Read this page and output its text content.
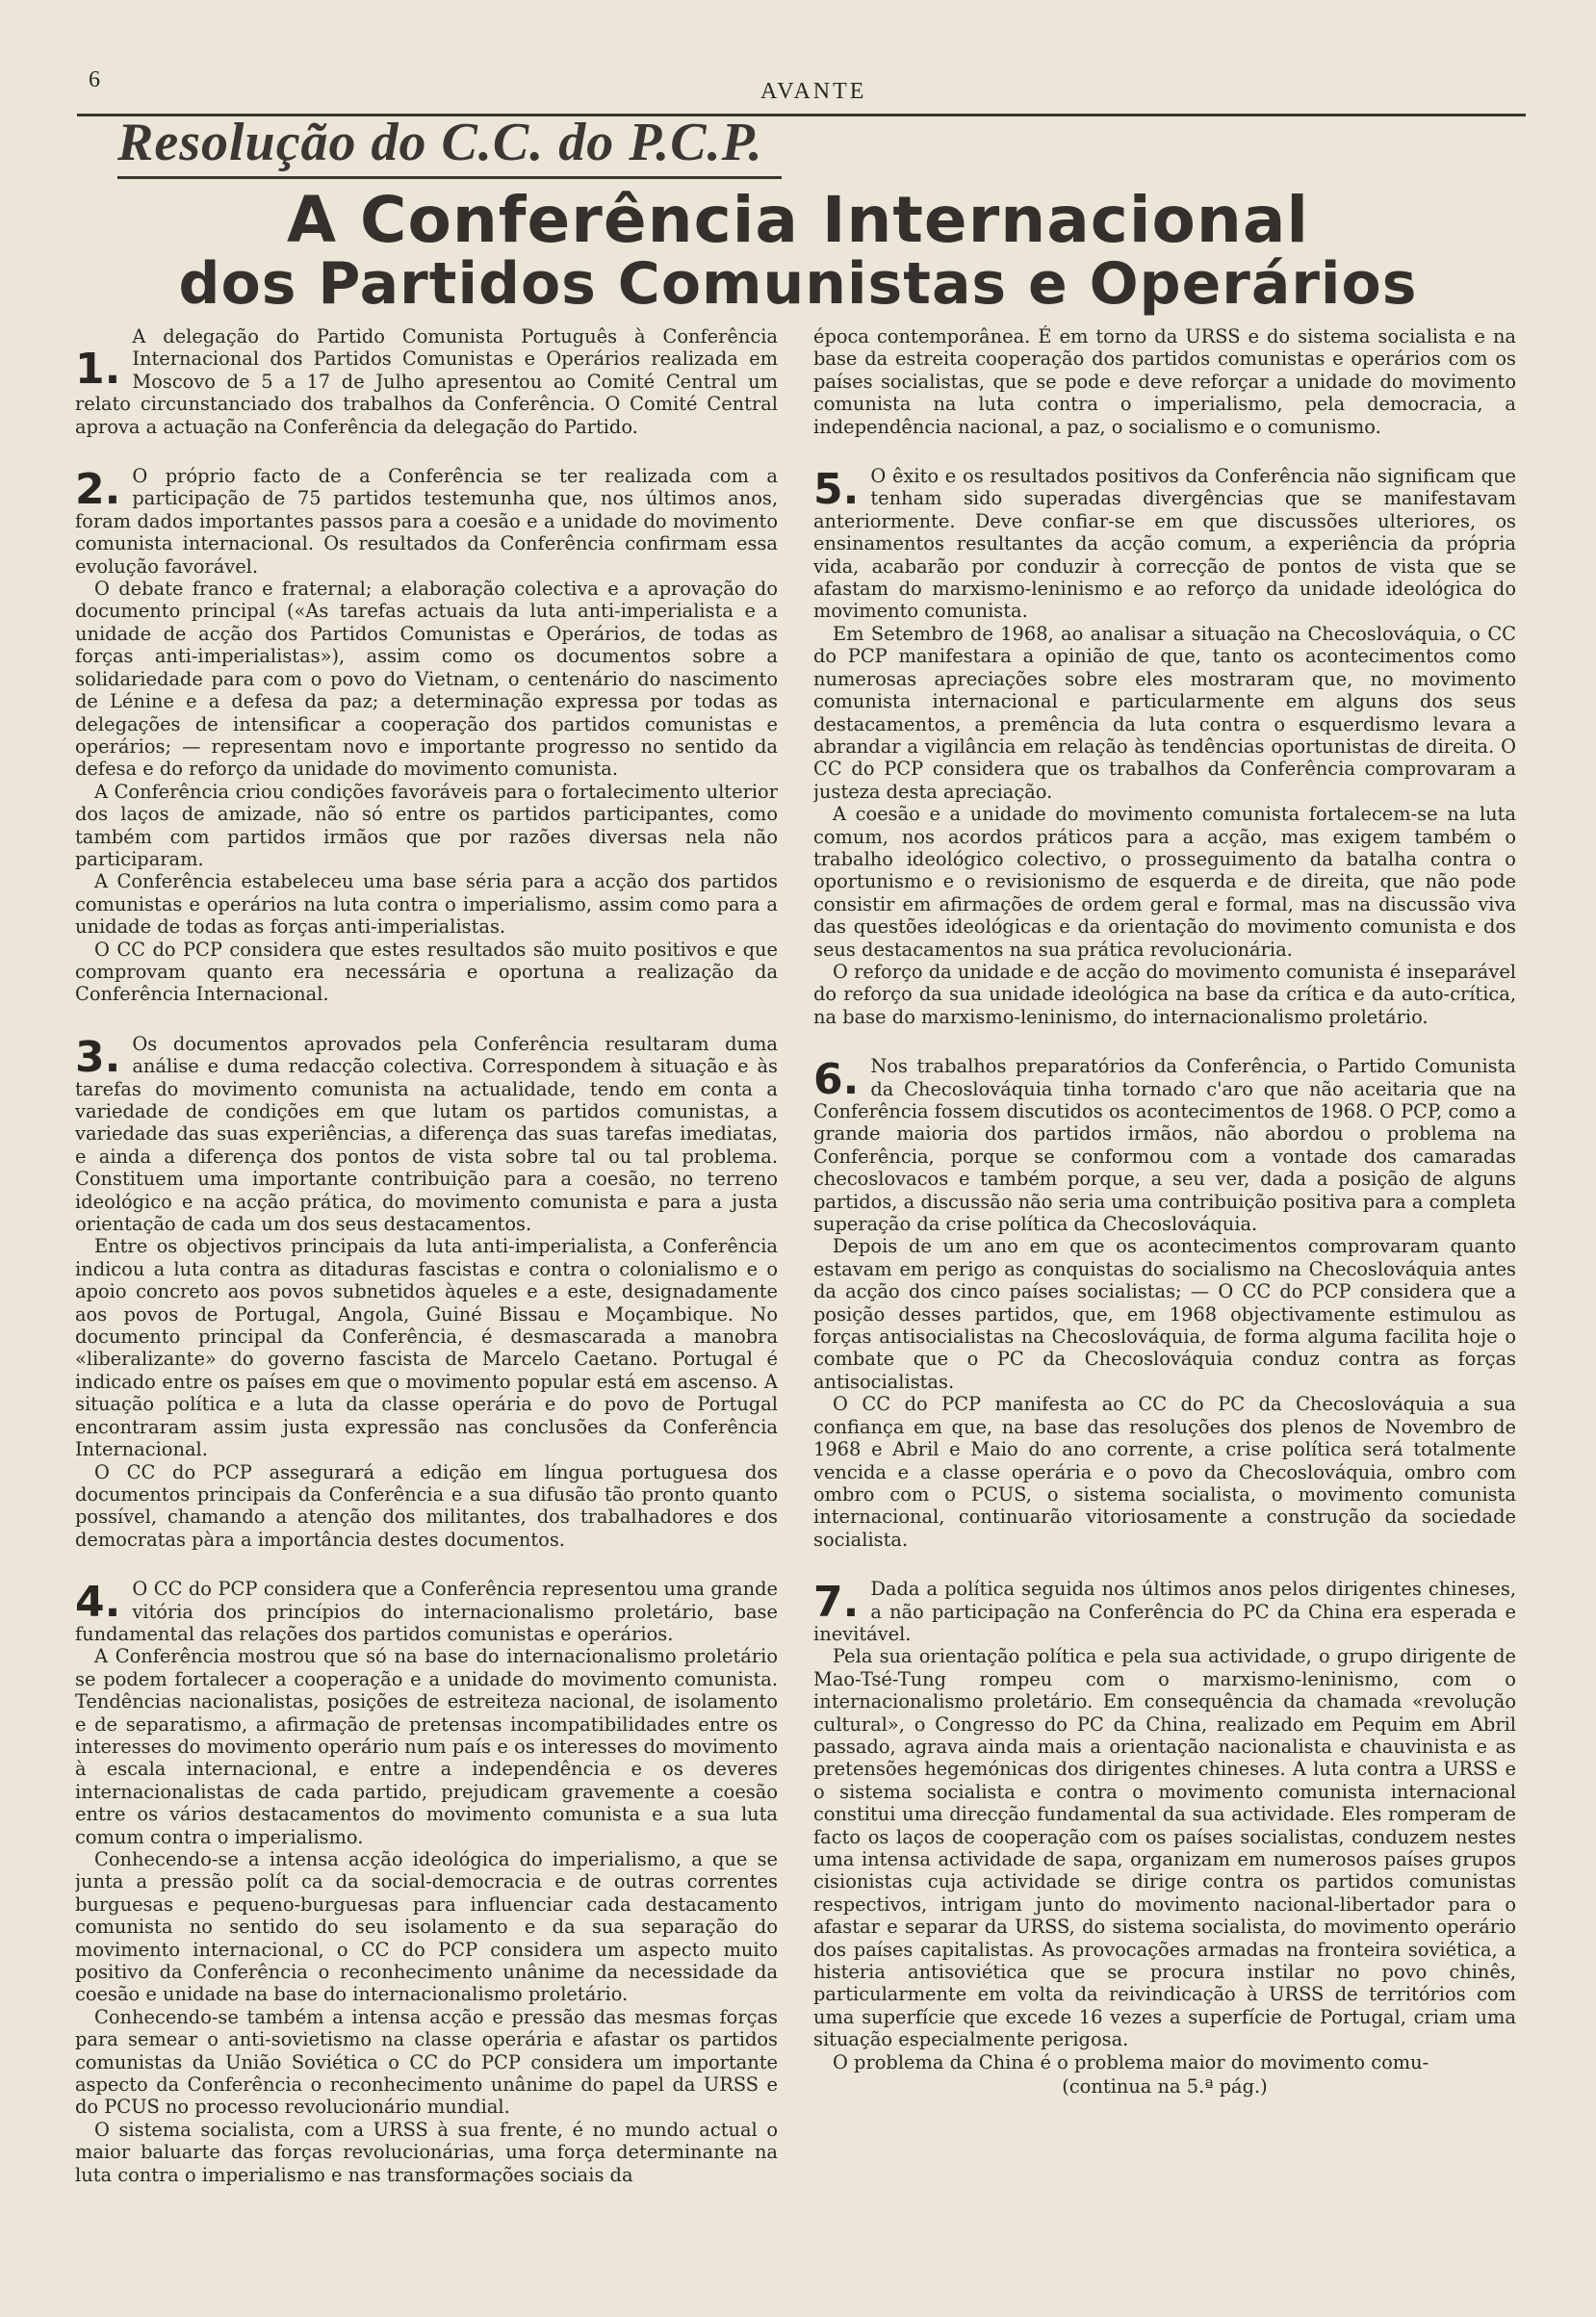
6	AVANTE
Resolução do C.C. do P.C.P.
A Conferência Internacional
dos Partidos Comunistas e Operários
1.

A delegação do Partido Comunista Português à Conferência Internacional dos Partidos Comunistas e Operários realizada em Moscovo de 5 a 17 de Julho apresentou ao Comité Central um relato circunstanciado dos trabalhos da Conferência. O Comité Central aprova a actuação na Conferência da delegação do Partido.

2. O próprio facto de a Conferência se ter realizada com a participação de 75 partidos testemunha que, nos últimos anos, foram dados importantes passos para a coesão e a unidade do movimento comunista internacional. Os resultados da Conferência confirmam essa evolução favorável.

O debate franco e fraternal; a elaboração colectiva e a aprovação do documento principal («As tarefas actuais da luta anti-imperialista e a unidade de acção dos Partidos Comunistas e Operários, de todas as forças anti-imperialistas»), assim como os documentos sobre a solidariedade para com o povo do Vietnam, o centenário do nascimento de Lénine e a defesa da paz; a determinação expressa por todas as delegações de intensificar a cooperação dos partidos comunistas e operários; — representam novo e importante progresso no sentido da defesa e do reforço da unidade do movimento comunista.

A Conferência criou condições favoráveis para o fortalecimento ulterior dos laços de amizade, não só entre os partidos participantes, como também com partidos irmãos que por razões diversas nela não participaram.

A Conferência estabeleceu uma base séria para a acção dos partidos comunistas e operários na luta contra o imperialismo, assim como para a unidade de todas as forças anti-imperialistas.

O CC do PCP considera que estes resultados são muito positivos e que comprovam quanto era necessária e oportuna a realização da Conferência Internacional.

3. Os documentos aprovados pela Conferência resultaram duma análise e duma redacção colectiva. Correspondem à situação e às tarefas do movimento comunista na actualidade, tendo em conta a variedade de condições em que lutam os partidos comunistas, a variedade das suas experiências, a diferença das suas tarefas imediatas, e ainda a diferença dos pontos de vista sobre tal ou tal problema. Constituem uma importante contribuição para a coesão, no terreno ideológico e na acção prática, do movimento comunista e para a justa orientação de cada um dos seus destacamentos.

Entre os objectivos principais da luta anti-imperialista, a Conferência indicou a luta contra as ditaduras fascistas e contra o colonialismo e o apoio concreto aos povos subnetidos àqueles e a este, designadamente aos povos de Portugal, Angola, Guiné Bissau e Moçambique. No documento principal da Conferência, é desmascarada a manobra «liberalizante» do governo fascista de Marcelo Caetano. Portugal é indicado entre os países em que o movimento popular está em ascenso. A situação política e a luta da classe operária e do povo de Portugal encontraram assim justa expressão nas conclusões da Conferência Internacional.

O CC do PCP assegurará a edição em língua portuguesa dos documentos principais da Conferência e a sua difusão tão pronto quanto possível, chamando a atenção dos militantes, dos trabalhadores e dos democratas pàra a importância destes documentos.

4. O CC do PCP considera que a Conferência representou uma grande vitória dos princípios do internacionalismo proletário, base fundamental das relações dos partidos comunistas e operários.

A Conferência mostrou que só na base do internacionalismo proletário se podem fortalecer a cooperação e a unidade do movimento comunista. Tendências nacionalistas, posições de estreiteza nacional, de isolamento e de separatismo, a afirmação de pretensas incompatibilidades entre os interesses do movimento operário num país e os interesses do movimento à escala internacional, e entre a independência e os deveres internacionalistas de cada partido, prejudicam gravemente a coesão entre os vários destacamentos do movimento comunista e a sua luta comum contra o imperialismo.

Conhecendo-se a intensa acção ideológica do imperialismo, a que se junta a pressão polít ca da social-democracia e de outras correntes burguesas e pequeno-burguesas para influenciar cada destacamento comunista no sentido do seu isolamento e da sua separação do movimento internacional, o CC do PCP considera um aspecto muito positivo da Conferência o reconhecimento unânime da necessidade da coesão e unidade na base do internacionalismo proletário.

Conhecendo-se também a intensa acção e pressão das mesmas forças para semear o anti-sovietismo na classe operária e afastar os partidos comunistas da União Soviética o CC do PCP considera um importante aspecto da Conferência o reconhecimento unânime do papel da URSS e do PCUS no processo revolucionário mundial.

O sistema socialista, com a URSS à sua frente, é no mundo actual o maior baluarte das forças revolucionárias, uma força determinante na luta contra o imperialismo e nas transformações sociais da

época contemporânea. É em torno da URSS e do sistema socialista e na base da estreita cooperação dos partidos comunistas e operários com os países socialistas, que se pode e deve reforçar a unidade do movimento comunista na luta contra o imperialismo, pela democracia, a independência nacional, a paz, o socialismo e o comunismo.

5. O êxito e os resultados positivos da Conferência não significam que tenham sido superadas divergências que se manifestavam anteriormente. Deve confiar-se em que discussões ulteriores, os ensinamentos resultantes da acção comum, a experiência da própria vida, acabarão por conduzir à correcção de pontos de vista que se afastam do marxismo-leninismo e ao reforço da unidade ideológica do movimento comunista.

Em Setembro de 1968, ao analisar a situação na Checoslováquia, o CC do PCP manifestara a opinião de que, tanto os acontecimentos como numerosas apreciações sobre eles mostraram que, no movimento comunista internacional e particularmente em alguns dos seus destacamentos, a premência da luta contra o esquerdismo levara a abrandar a vigilância em relação às tendências oportunistas de direita. O CC do PCP considera que os trabalhos da Conferência comprovaram a justeza desta apreciação.

A coesão e a unidade do movimento comunista fortalecem-se na luta comum, nos acordos práticos para a acção, mas exigem também o trabalho ideológico colectivo, o prosseguimento da batalha contra o oportunismo e o revisionismo de esquerda e de direita, que não pode consistir em afirmações de ordem geral e formal, mas na discussão viva das questões ideológicas e da orientação do movimento comunista e dos seus destacamentos na sua prática revolucionária.

O reforço da unidade e de acção do movimento comunista é inseparável do reforço da sua unidade ideológica na base da crítica e da auto-crítica, na base do marxismo-leninismo, do internacionalismo proletário.

6. Nos trabalhos preparatórios da Conferência, o Partido Comunista da Checoslováquia tinha tornado c'aro que não aceitaria que na Conferência fossem discutidos os acontecimentos de 1968. O PCP, como a grande maioria dos partidos irmãos, não abordou o problema na Conferência, porque se conformou com a vontade dos camaradas checoslovacos e também porque, a seu ver, dada a posição de alguns partidos, a discussão não seria uma contribuição positiva para a completa superação da crise política da Checoslováquia.

Depois de um ano em que os acontecimentos comprovaram quanto estavam em perigo as conquistas do socialismo na Checoslováquia antes da acção dos cinco países socialistas; — O CC do PCP considera que a posição desses partidos, que, em 1968 objectivamente estimulou as forças antisocialistas na Checoslováquia, de forma alguma facilita hoje o combate que o PC da Checoslováquia conduz contra as forças antisocialistas.

O CC do PCP manifesta ao CC do PC da Checoslováquia a sua confiança em que, na base das resoluções dos plenos de Novembro de 1968 e Abril e Maio do ano corrente, a crise política será totalmente vencida e a classe operária e o povo da Checoslováquia, ombro com ombro com o PCUS, o sistema socialista, o movimento comunista internacional, continuarão vitoriosamente a construção da sociedade socialista.

7. Dada a política seguida nos últimos anos pelos dirigentes chineses, a não participação na Conferência do PC da China era esperada e inevitável.

Pela sua orientação política e pela sua actividade, o grupo dirigente de Mao-Tsé-Tung rompeu com o marxismo-leninismo, com o internacionalismo proletário. Em consequência da chamada «revolução cultural», o Congresso do PC da China, realizado em Pequim em Abril passado, agrava ainda mais a orientação nacionalista e chauvinista e as pretensões hegemónicas dos dirigentes chineses. A luta contra a URSS e o sistema socialista e contra o movimento comunista internacional constitui uma direcção fundamental da sua actividade. Eles romperam de facto os laços de cooperação com os países socialistas, conduzem nestes uma intensa actividade de sapa, organizam em numerosos países grupos cisionistas cuja actividade se dirige contra os partidos comunistas respectivos, intrigam junto do movimento nacional-libertador para o afastar e separar da URSS, do sistema socialista, do movimento operário dos países capitalistas. As provocações armadas na fronteira soviética, a histeria antisoviética que se procura instilar no povo chinês, particularmente em volta da reivindicação à URSS de territórios com uma superfície que excede 16 vezes a superfície de Portugal, criam uma situação especialmente perigosa.

O problema da China é o problema maior do movimento comu-

(continua na 5.ª pág.)
